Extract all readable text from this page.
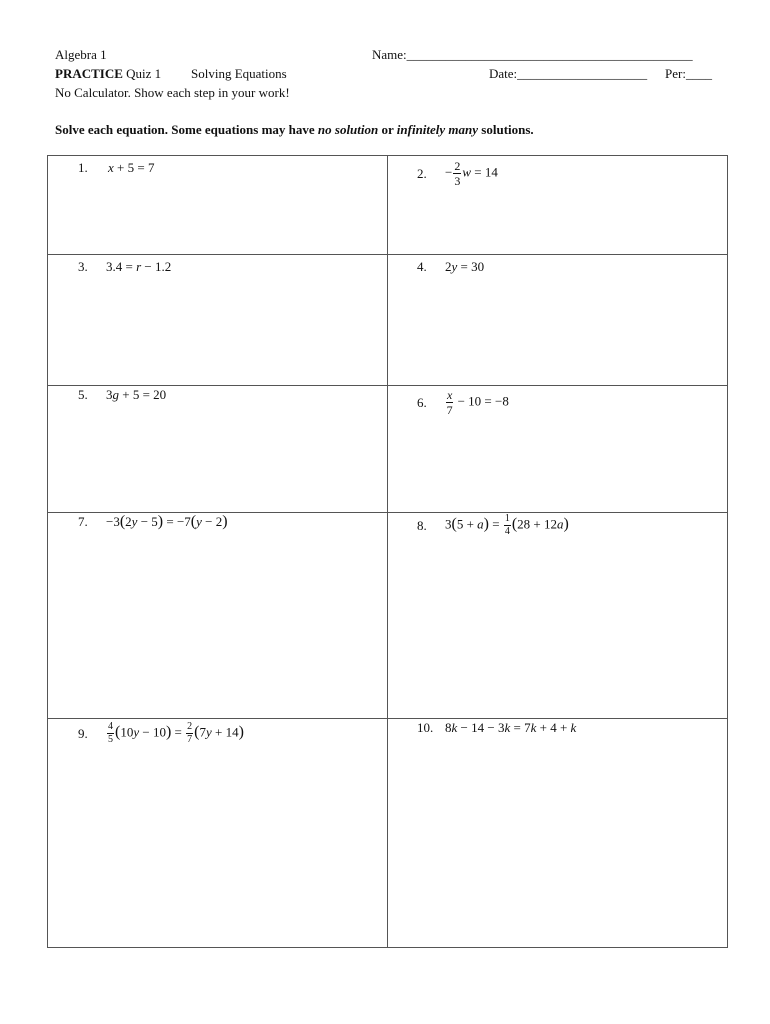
Algebra 1
PRACTICE Quiz 1 Solving Equations
No Calculator. Show each step in your work!
Name:____________________________________________
Date:____________________ Per:____
Solve each equation. Some equations may have no solution or infinitely many solutions.
1.	x + 5 = 7	2.	− $\frac{2}{3}$ w = 14
3.	3.4 = r − 1.2	4.	2y = 30
5.	3g + 5 = 20	6.	$\frac{x}{7} - 10 = -8$
7.	−3(2y − 5) = −7(y − 2)	8.	$3(5 + a) = \frac{1}{4} (28 + 12a)$
9.	$\frac{4}{5} (10y - 10) = \frac{2}{7} (7y + 14)$	10. 8k − 14 − 3k = 7k + 4 + k
